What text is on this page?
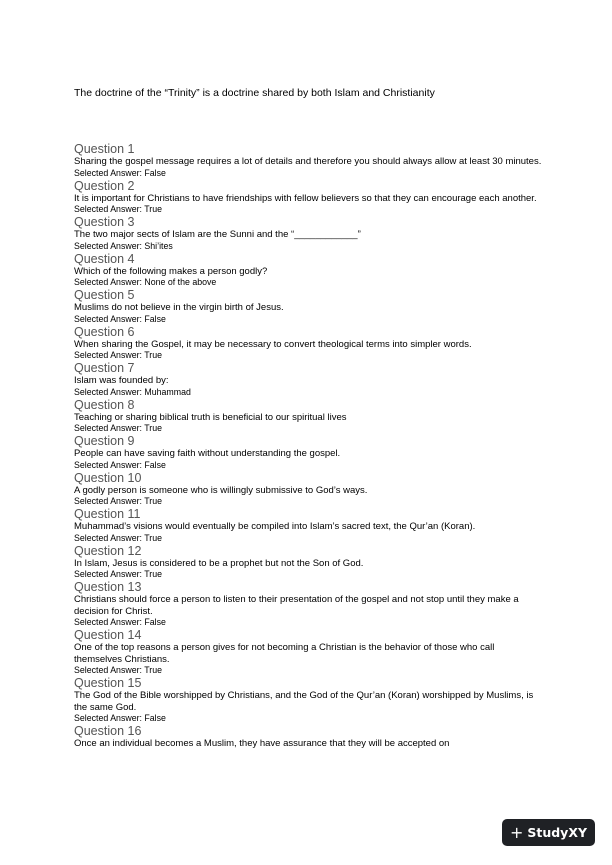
The doctrine of the “Trinity” is a doctrine shared by both Islam and Christianity

Question 1
Sharing the gospel message requires a lot of details and therefore you should always allow at least 30 minutes.
Selected Answer: False
Question 2
It is important for Christians to have friendships with fellow believers so that they can encourage each another.
Selected Answer: True
Question 3
The two major sects of Islam are the Sunni and the “____________”
Selected Answer: Shi’ites
Question 4
Which of the following makes a person godly?
Selected Answer: None of the above
Question 5
Muslims do not believe in the virgin birth of Jesus.
Selected Answer: False
Question 6
When sharing the Gospel, it may be necessary to convert theological terms into simpler words.
Selected Answer: True
Question 7
Islam was founded by:
Selected Answer: Muhammad
Question 8
Teaching or sharing biblical truth is beneficial to our spiritual lives
Selected Answer: True
Question 9
People can have saving faith without understanding the gospel.
Selected Answer: False
Question 10
A godly person is someone who is willingly submissive to God’s ways.
Selected Answer: True
Question 11
Muhammad’s visions would eventually be compiled into Islam’s sacred text, the Qur’an (Koran).
Selected Answer: True
Question 12
In Islam, Jesus is considered to be a prophet but not the Son of God.
Selected Answer: True
Question 13
Christians should force a person to listen to their presentation of the gospel and not stop until they make a decision for Christ.
Selected Answer: False
Question 14
One of the top reasons a person gives for not becoming a Christian is the behavior of those who call themselves Christians.
Selected Answer: True
Question 15
The God of the Bible worshipped by Christians, and the God of the Qur’an (Koran) worshipped by Muslims, is the same God.
Selected Answer: False
Question 16
Once an individual becomes a Muslim, they have assurance that they will be accepted on
+ StudyXY
